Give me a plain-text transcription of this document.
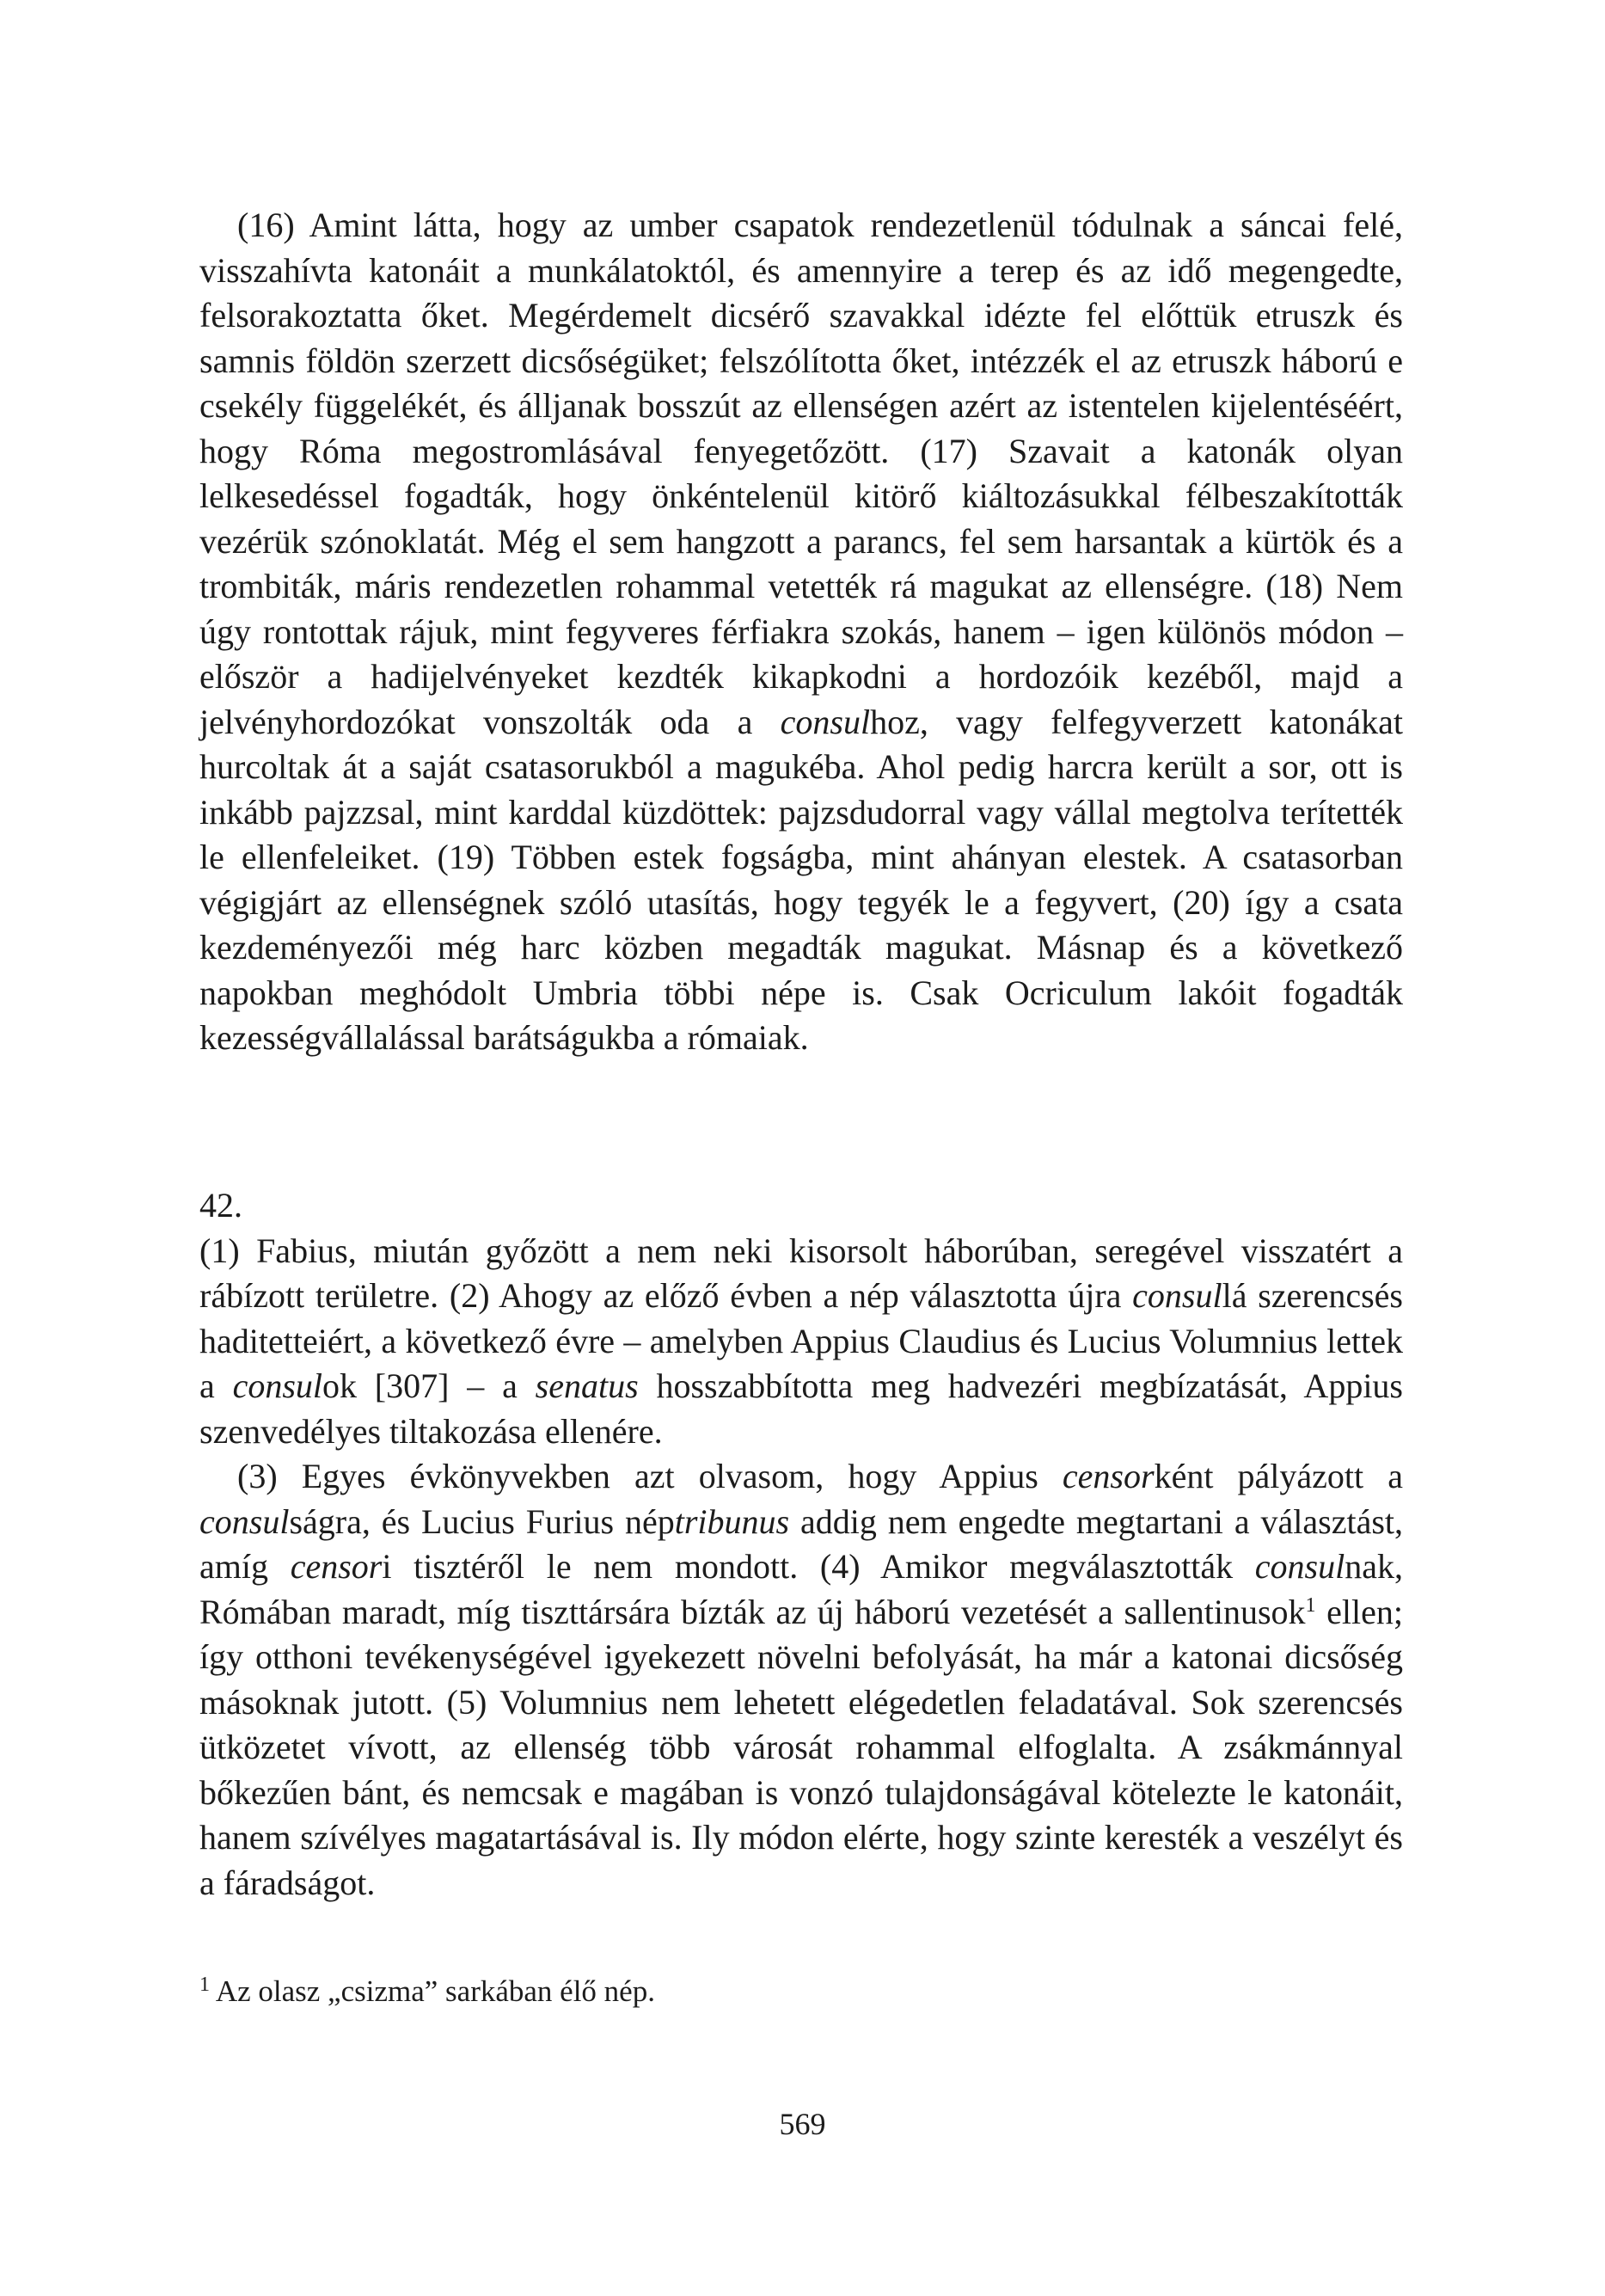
(16) Amint látta, hogy az umber csapatok rendezetlenül tódulnak a sáncai felé, visszahívta katonáit a munkálatoktól, és amennyire a terep és az idő megengedte, felsorakoztatta őket. Megérdemelt dicsérő szavakkal idézte fel előttük etruszk és samnis földön szerzett dicsőségüket; felszólította őket, intézzék el az etruszk háború e csekély függelékét, és álljanak bosszút az ellenségen azért az istentelen kijelentéséért, hogy Róma megostromlásával fenyegetőzött. (17) Szavait a katonák olyan lelkesedéssel fogadták, hogy önkéntelenül kitörő kiáltozásukkal félbeszakították vezérük szónoklatát. Még el sem hangzott a parancs, fel sem harsantak a kürtök és a trombiták, máris rendezetlen rohammal vetették rá magukat az ellenségre. (18) Nem úgy rontottak rájuk, mint fegyveres férfiakra szokás, hanem – igen különös módon – először a hadijelvényeket kezdték kikapkodni a hordozóik kezéből, majd a jelvényhordozókat vonszolták oda a consulhoz, vagy felfegyverzett katonákat hurcoltak át a saját csatasorukból a magukéba. Ahol pedig harcra került a sor, ott is inkább pajzzsal, mint karddal küzdöttek: pajzsdudorral vagy vállal megtolva terítették le ellenfeleiket. (19) Többen estek fogságba, mint ahányan elestek. A csatasorban végigjárt az ellenségnek szóló utasítás, hogy tegyék le a fegyvert, (20) így a csata kezdeményezői még harc közben megadták magukat. Másnap és a következő napokban meghódolt Umbria többi népe is. Csak Ocriculum lakóit fogadták kezességvállalással barátságukba a rómaiak.

42.

(1) Fabius, miután győzött a nem neki kisorsolt háborúban, seregével visszatért a rábízott területre. (2) Ahogy az előző évben a nép választotta újra consullá szerencsés haditetteiért, a következő évre – amelyben Appius Claudius és Lucius Volumnius lettek a consulok [307] – a senatus hosszabbította meg hadvezéri megbízatását, Appius szenvedélyes tiltakozása ellenére.

(3) Egyes évkönyvekben azt olvasom, hogy Appius censorként pályázott a consulságra, és Lucius Furius néptribunus addig nem engedte megtartani a választást, amíg censori tisztéről le nem mondott. (4) Amikor megválasztották consulnak, Rómában maradt, míg tiszttársára bízták az új háború vezetését a sallentinusok$^1$ ellen; így otthoni tevékenységével igyekezett növelni befolyását, ha már a katonai dicsőség másoknak jutott. (5) Volumnius nem lehetett elégedetlen feladatával. Sok szerencsés ütközetet vívott, az ellenség több városát rohammal elfoglalta. A zsákmánnyal bőkezűen bánt, és nemcsak e magában is vonzó tulajdonságával kötelezte le katonáit, hanem szívélyes magatartásával is. Ily módon elérte, hogy szinte keresték a veszélyt és a fáradságot.

$^1$ Az olasz „csizma” sarkában élő nép.
569
